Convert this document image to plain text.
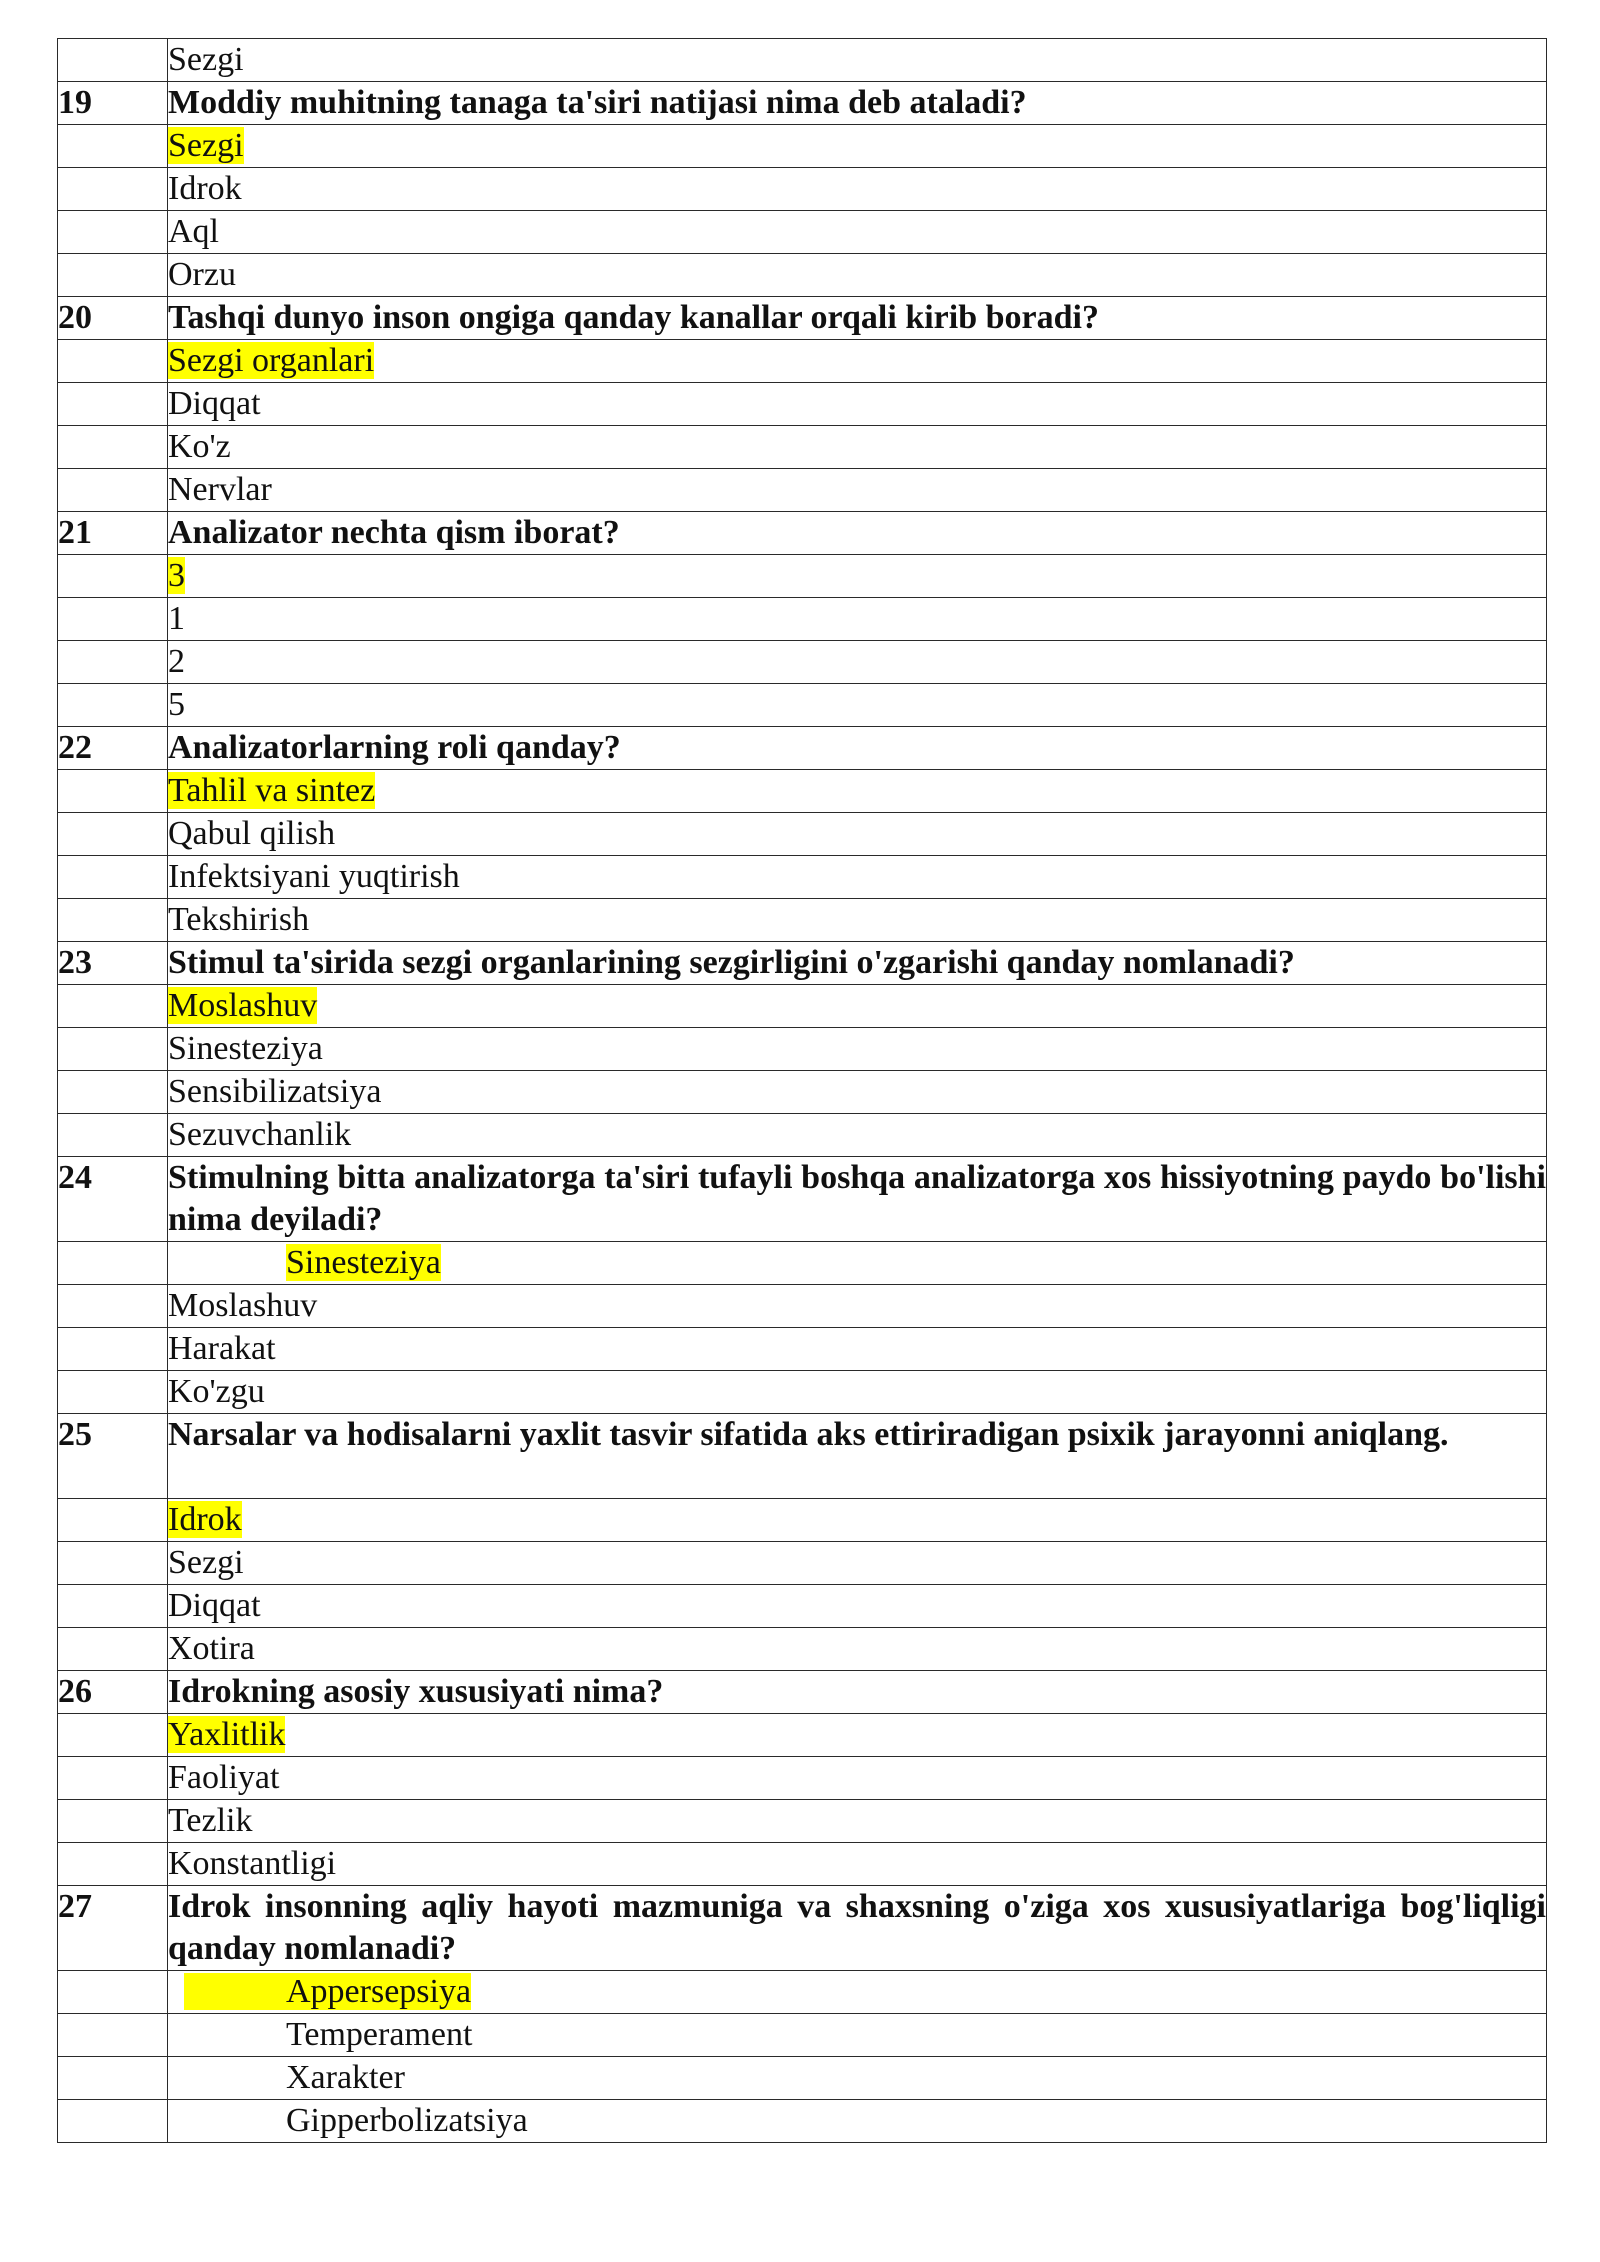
	Sezgi
19	Moddiy muhitning tanaga ta'siri natijasi nima deb ataladi?
	Sezgi
	Idrok
	Aql
	Orzu
20	Tashqi dunyo inson ongiga qanday kanallar orqali kirib boradi?
	Sezgi organlari
	Diqqat
	Ko'z
	Nervlar
21	Analizator nechta qism iborat?
	3
	1
	2
	5
22	Analizatorlarning roli qanday?
	Tahlil va sintez
	Qabul qilish
	Infektsiyani yuqtirish
	Tekshirish
23	Stimul ta'sirida sezgi organlarining sezgirligini o'zgarishi qanday nomlanadi?
	Moslashuv
	Sinesteziya
	Sensibilizatsiya
	Sezuvchanlik
24	Stimulning bitta analizatorga ta'siri tufayli boshqa analizatorga xos hissiyotning paydo bo'lishi nima deyiladi?
	Sinesteziya
	Moslashuv
	Harakat
	Ko'zgu
25	Narsalar va hodisalarni yaxlit tasvir sifatida aks ettiriradigan psixik jarayonni aniqlang.
	Idrok
	Sezgi
	Diqqat
	Xotira
26	Idrokning asosiy xususiyati nima?
	Yaxlitlik
	Faoliyat
	Tezlik
	Konstantligi
27	Idrok insonning aqliy hayoti mazmuniga va shaxsning o'ziga xos xususiyatlariga bog'liqligi qanday nomlanadi?
	Appersepsiya
	Temperament
	Xarakter
	Gipperbolizatsiya
